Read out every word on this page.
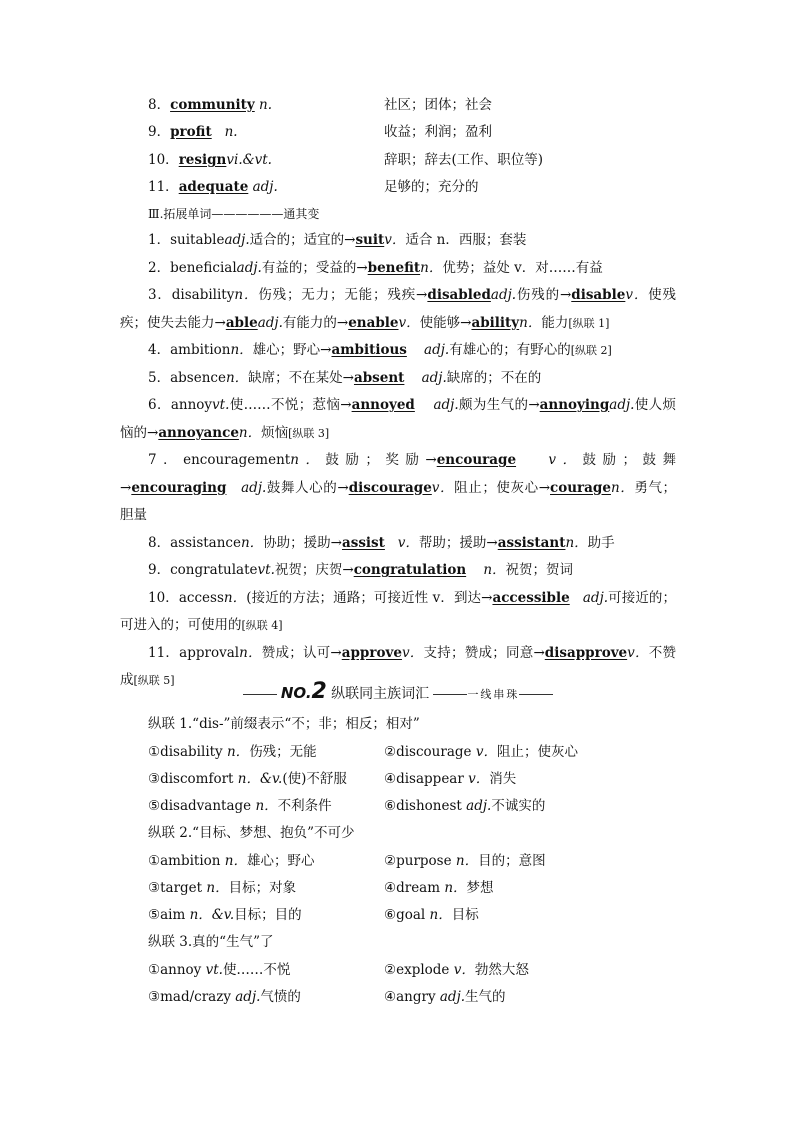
8．community n.	社区；团体；社会
9．profit n.	收益；利润；盈利
10．resignvi.&vt.	辞职；辞去(工作、职位等)
11．adequate adj.	足够的；充分的
Ⅲ.拓展单词——————通其变
1．suitableadj.适合的；适宜的→suitv．适合 n．西服；套装
2．beneficialadj.有益的；受益的→benefitn．优势；益处 v．对……有益
3．disabilityn．伤残；无力；无能；残疾→disabledadj.伤残的→disablev．使残疾；使失去能力→ableadj.有能力的→enablev．使能够→abilityn．能力[纵联 1]
4．ambitionn．雄心；野心→ambitious adj.有雄心的；有野心的[纵联 2]
5．absencen．缺席；不在某处→absent adj.缺席的；不在的
6．annoyvt.使……不悦；惹恼→annoyed adj.颇为生气的→annoyingadj.使人烦恼的→annoyancen．烦恼[纵联 3]
7．encouragementn．鼓励；奖励→encourage v．鼓励；鼓舞→encouraging adj.鼓舞人心的→discouragev．阻止；使灰心→couragen．勇气；胆量
8．assistancen．协助；援助→assist v．帮助；援助→assistantn．助手
9．congratulatevt.祝贺；庆贺→congratulation n．祝贺；贺词
10．accessn．(接近的方法；通路；可接近性 v．到达→accessible adj.可接近的；可进入的；可使用的[纵联 4]
11．approvaln．赞成；认可→approvev．支持；赞成；同意→disapprovev．不赞成[纵联 5]
NO.2 纵联同主族词汇	一线串珠
纵联 1.“dis-”前缀表示“不；非；相反；相对”
①disability n．伤残；无能	②discourage v．阻止；使灰心
③discomfort n．&v.(使)不舒服	④disappear v．消失
⑤disadvantage n．不利条件	⑥dishonest adj.不诚实的
纵联 2.“目标、梦想、抱负”不可少
①ambition n．雄心；野心	②purpose n．目的；意图
③target n．目标；对象	④dream n．梦想
⑤aim n．&v.目标；目的	⑥goal n．目标
纵联 3.真的“生气”了
①annoy vt.使……不悦	②explode v．勃然大怒
③mad/crazy adj.气愤的	④angry adj.生气的
